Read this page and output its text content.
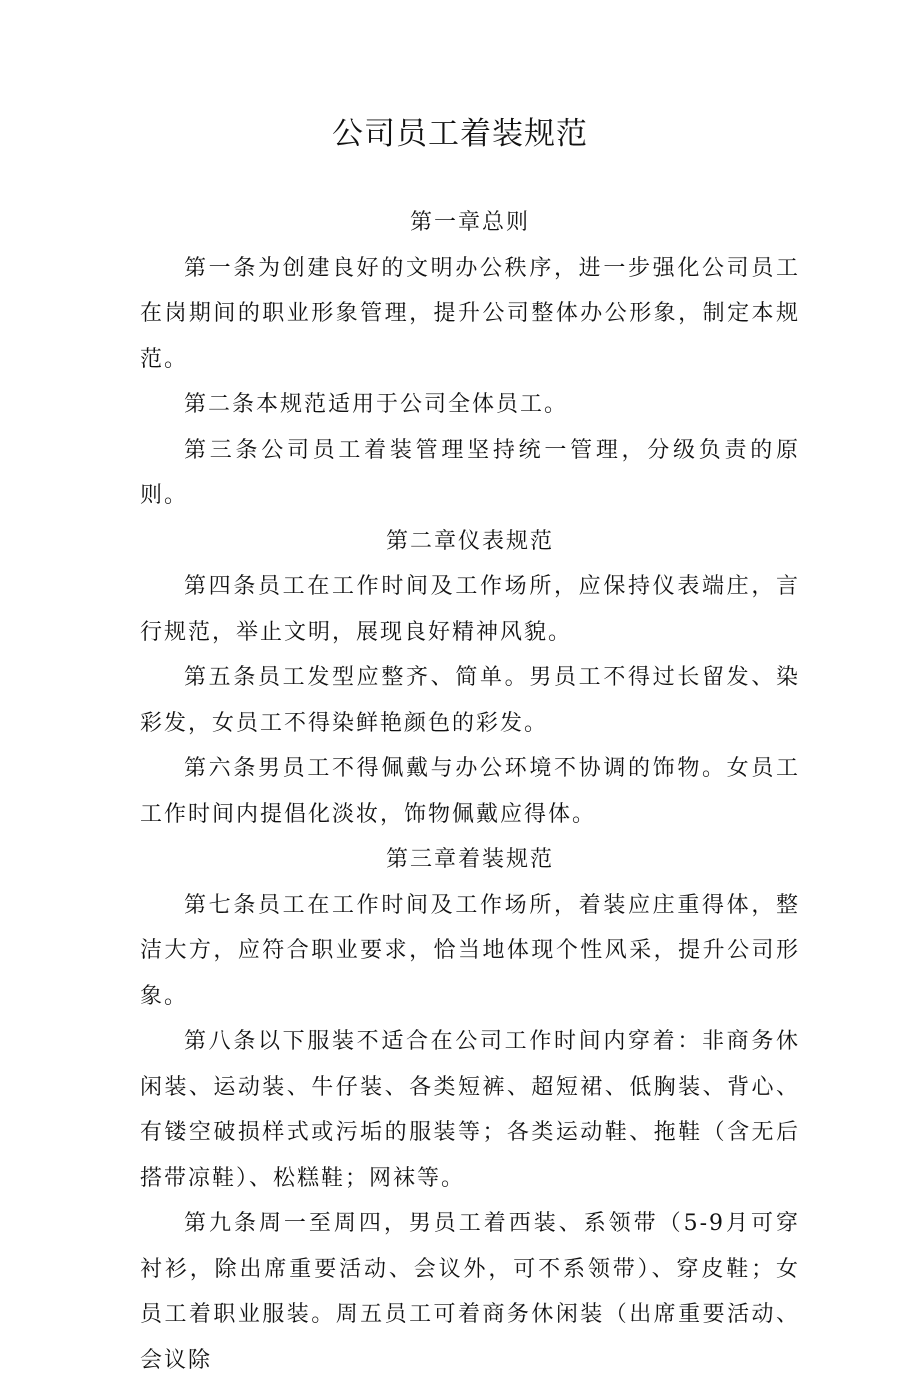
公司员工着装规范

第一章总则

第一条为创建良好的文明办公秩序，进一步强化公司员工在岗期间的职业形象管理，提升公司整体办公形象，制定本规范。

第二条本规范适用于公司全体员工。

第三条公司员工着装管理坚持统一管理，分级负责的原则。

第二章仪表规范

第四条员工在工作时间及工作场所，应保持仪表端庄，言行规范，举止文明，展现良好精神风貌。

第五条员工发型应整齐、简单。男员工不得过长留发、染彩发，女员工不得染鲜艳颜色的彩发。

第六条男员工不得佩戴与办公环境不协调的饰物。女员工工作时间内提倡化淡妆，饰物佩戴应得体。

第三章着装规范

第七条员工在工作时间及工作场所，着装应庄重得体，整洁大方，应符合职业要求，恰当地体现个性风采，提升公司形象。

第八条以下服装不适合在公司工作时间内穿着：非商务休闲装、运动装、牛仔装、各类短裤、超短裙、低胸装、背心、有镂空破损样式或污垢的服装等；各类运动鞋、拖鞋（含无后搭带凉鞋）、松糕鞋；网袜等。

第九条周一至周四，男员工着西装、系领带（5-9月可穿衬衫，除出席重要活动、会议外，可不系领带）、穿皮鞋；女员工着职业服装。周五员工可着商务休闲装（出席重要活动、会议除
